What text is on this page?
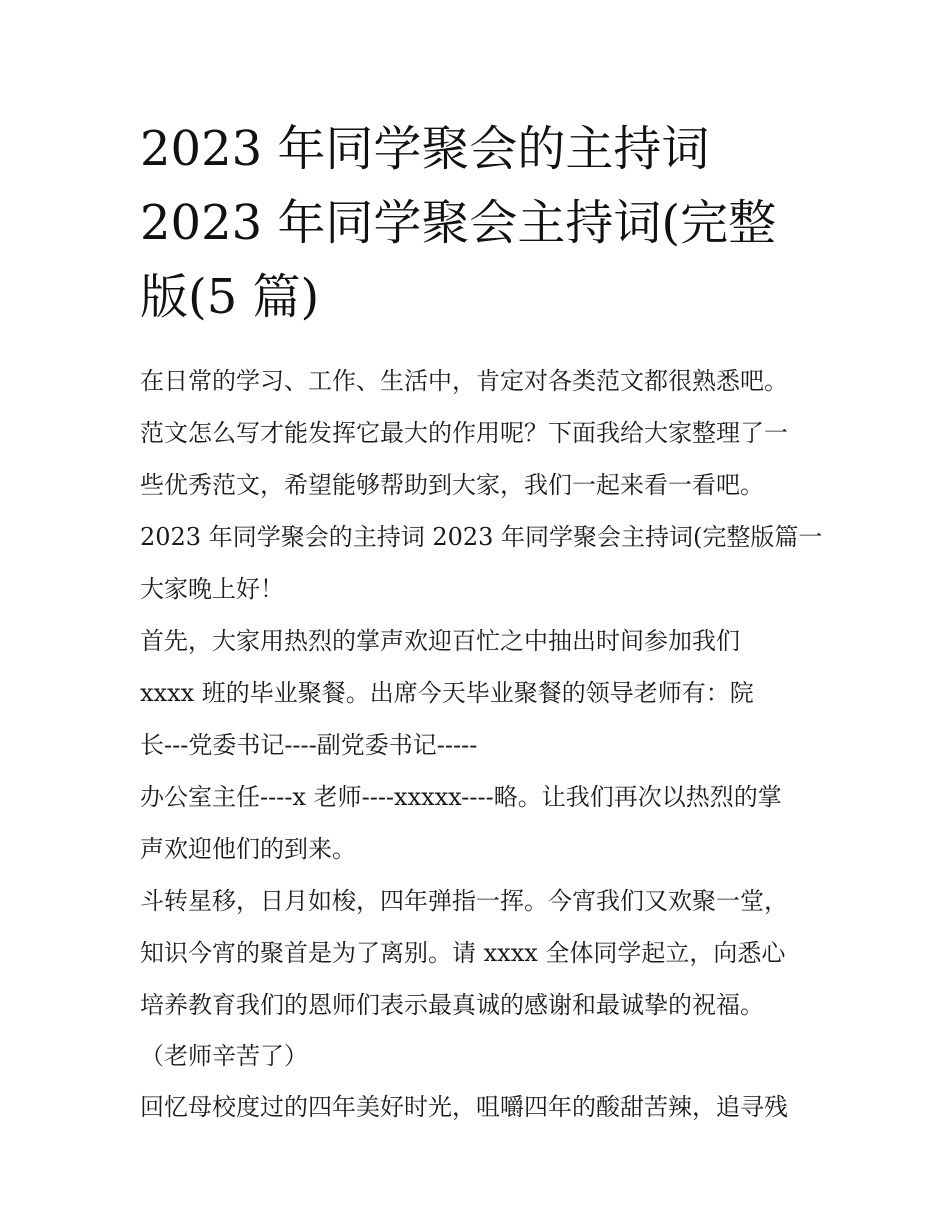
2023 年同学聚会的主持词
2023 年同学聚会主持词(完整
版(5 篇)
在日常的学习、工作、生活中，肯定对各类范文都很熟悉吧。
范文怎么写才能发挥它最大的作用呢？下面我给大家整理了一
些优秀范文，希望能够帮助到大家，我们一起来看一看吧。
2023 年同学聚会的主持词 2023 年同学聚会主持词(完整版篇一
大家晚上好！
首先，大家用热烈的掌声欢迎百忙之中抽出时间参加我们
xxxx 班的毕业聚餐。出席今天毕业聚餐的领导老师有：院
长---党委书记----副党委书记-----
办公室主任----x 老师----xxxxx----略。让我们再次以热烈的掌
声欢迎他们的到来。
斗转星移，日月如梭，四年弹指一挥。今宵我们又欢聚一堂，
知识今宵的聚首是为了离别。请 xxxx 全体同学起立，向悉心
培养教育我们的恩师们表示最真诚的感谢和最诚挚的祝福。
（老师辛苦了）
回忆母校度过的四年美好时光，咀嚼四年的酸甜苦辣，追寻残
